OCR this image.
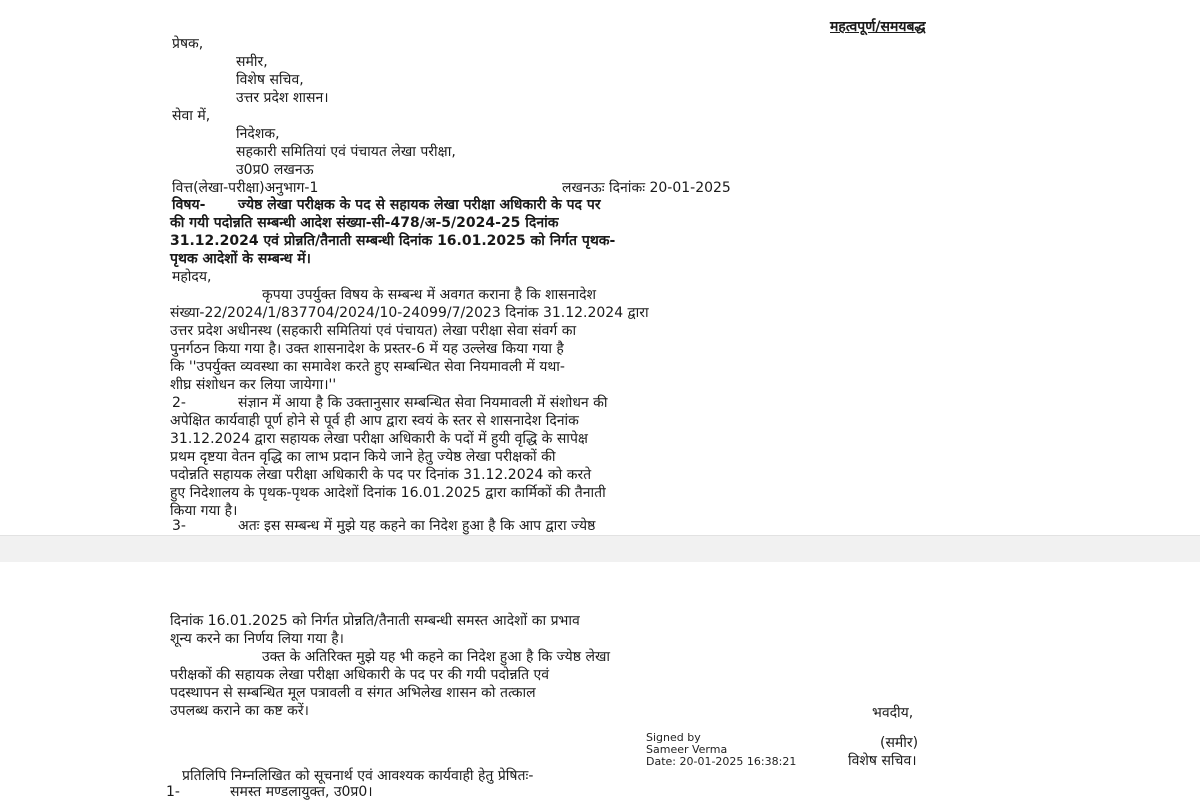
महत्वपूर्ण/समयबद्ध
प्रेषक,
समीर,
विशेष सचिव,
उत्तर प्रदेश शासन।
सेवा में,
निदेशक,
सहकारी समितियां एवं पंचायत लेखा परीक्षा,
उ0प्र0 लखनऊ
वित्त(लेखा-परीक्षा)अनुभाग-1	लखनऊः दिनांकः 20-01-2025
विषय- ज्येष्ठ लेखा परीक्षक के पद से सहायक लेखा परीक्षा अधिकारी के पद पर
की गयी पदोन्नति सम्बन्धी आदेश संख्या-सी-478/अ-5/2024-25 दिनांक
31.12.2024 एवं प्रोन्नति/तैनाती सम्बन्धी दिनांक 16.01.2025 को निर्गत पृथक-
पृथक आदेशों के सम्बन्ध में।
महोदय,
कृपया उपर्युक्त विषय के सम्बन्ध में अवगत कराना है कि शासनादेश
संख्या-22/2024/1/837704/2024/10-24099/7/2023 दिनांक 31.12.2024 द्वारा
उत्तर प्रदेश अधीनस्थ (सहकारी समितियां एवं पंचायत) लेखा परीक्षा सेवा संवर्ग का
पुनर्गठन किया गया है। उक्त शासनादेश के प्रस्तर-6 में यह उल्लेख किया गया है
कि ''उपर्युक्त व्यवस्था का समावेश करते हुए सम्बन्धित सेवा नियमावली में यथा-
शीघ्र संशोधन कर लिया जायेगा।''
2-	संज्ञान में आया है कि उक्तानुसार सम्बन्धित सेवा नियमावली में संशोधन की
अपेक्षित कार्यवाही पूर्ण होने से पूर्व ही आप द्वारा स्वयं के स्तर से शासनादेश दिनांक
31.12.2024 द्वारा सहायक लेखा परीक्षा अधिकारी के पदों में हुयी वृद्धि के सापेक्ष
प्रथम दृष्टया वेतन वृद्धि का लाभ प्रदान किये जाने हेतु ज्येष्ठ लेखा परीक्षकों की
पदोन्नति सहायक लेखा परीक्षा अधिकारी के पद पर दिनांक 31.12.2024 को करते
हुए निदेशालय के पृथक-पृथक आदेशों दिनांक 16.01.2025 द्वारा कार्मिकों की तैनाती
किया गया है।
3-	अतः इस सम्बन्ध में मुझे यह कहने का निदेश हुआ है कि आप द्वारा ज्येष्ठ
दिनांक 16.01.2025 को निर्गत प्रोन्नति/तैनाती सम्बन्धी समस्त आदेशों का प्रभाव
शून्य करने का निर्णय लिया गया है।
उक्त के अतिरिक्त मुझे यह भी कहने का निदेश हुआ है कि ज्येष्ठ लेखा
परीक्षकों की सहायक लेखा परीक्षा अधिकारी के पद पर की गयी पदोन्नति एवं
पदस्थापन से सम्बन्धित मूल पत्रावली व संगत अभिलेख शासन को तत्काल
उपलब्ध कराने का कष्ट करें।	भवदीय,
Signed by
Sameer Verma
Date: 20-01-2025 16:38:21
(समीर)
विशेष सचिव।
प्रतिलिपि निम्नलिखित को सूचनार्थ एवं आवश्यक कार्यवाही हेतु प्रेषितः-
1-	समस्त मण्डलायुक्त, उ0प्र0।
